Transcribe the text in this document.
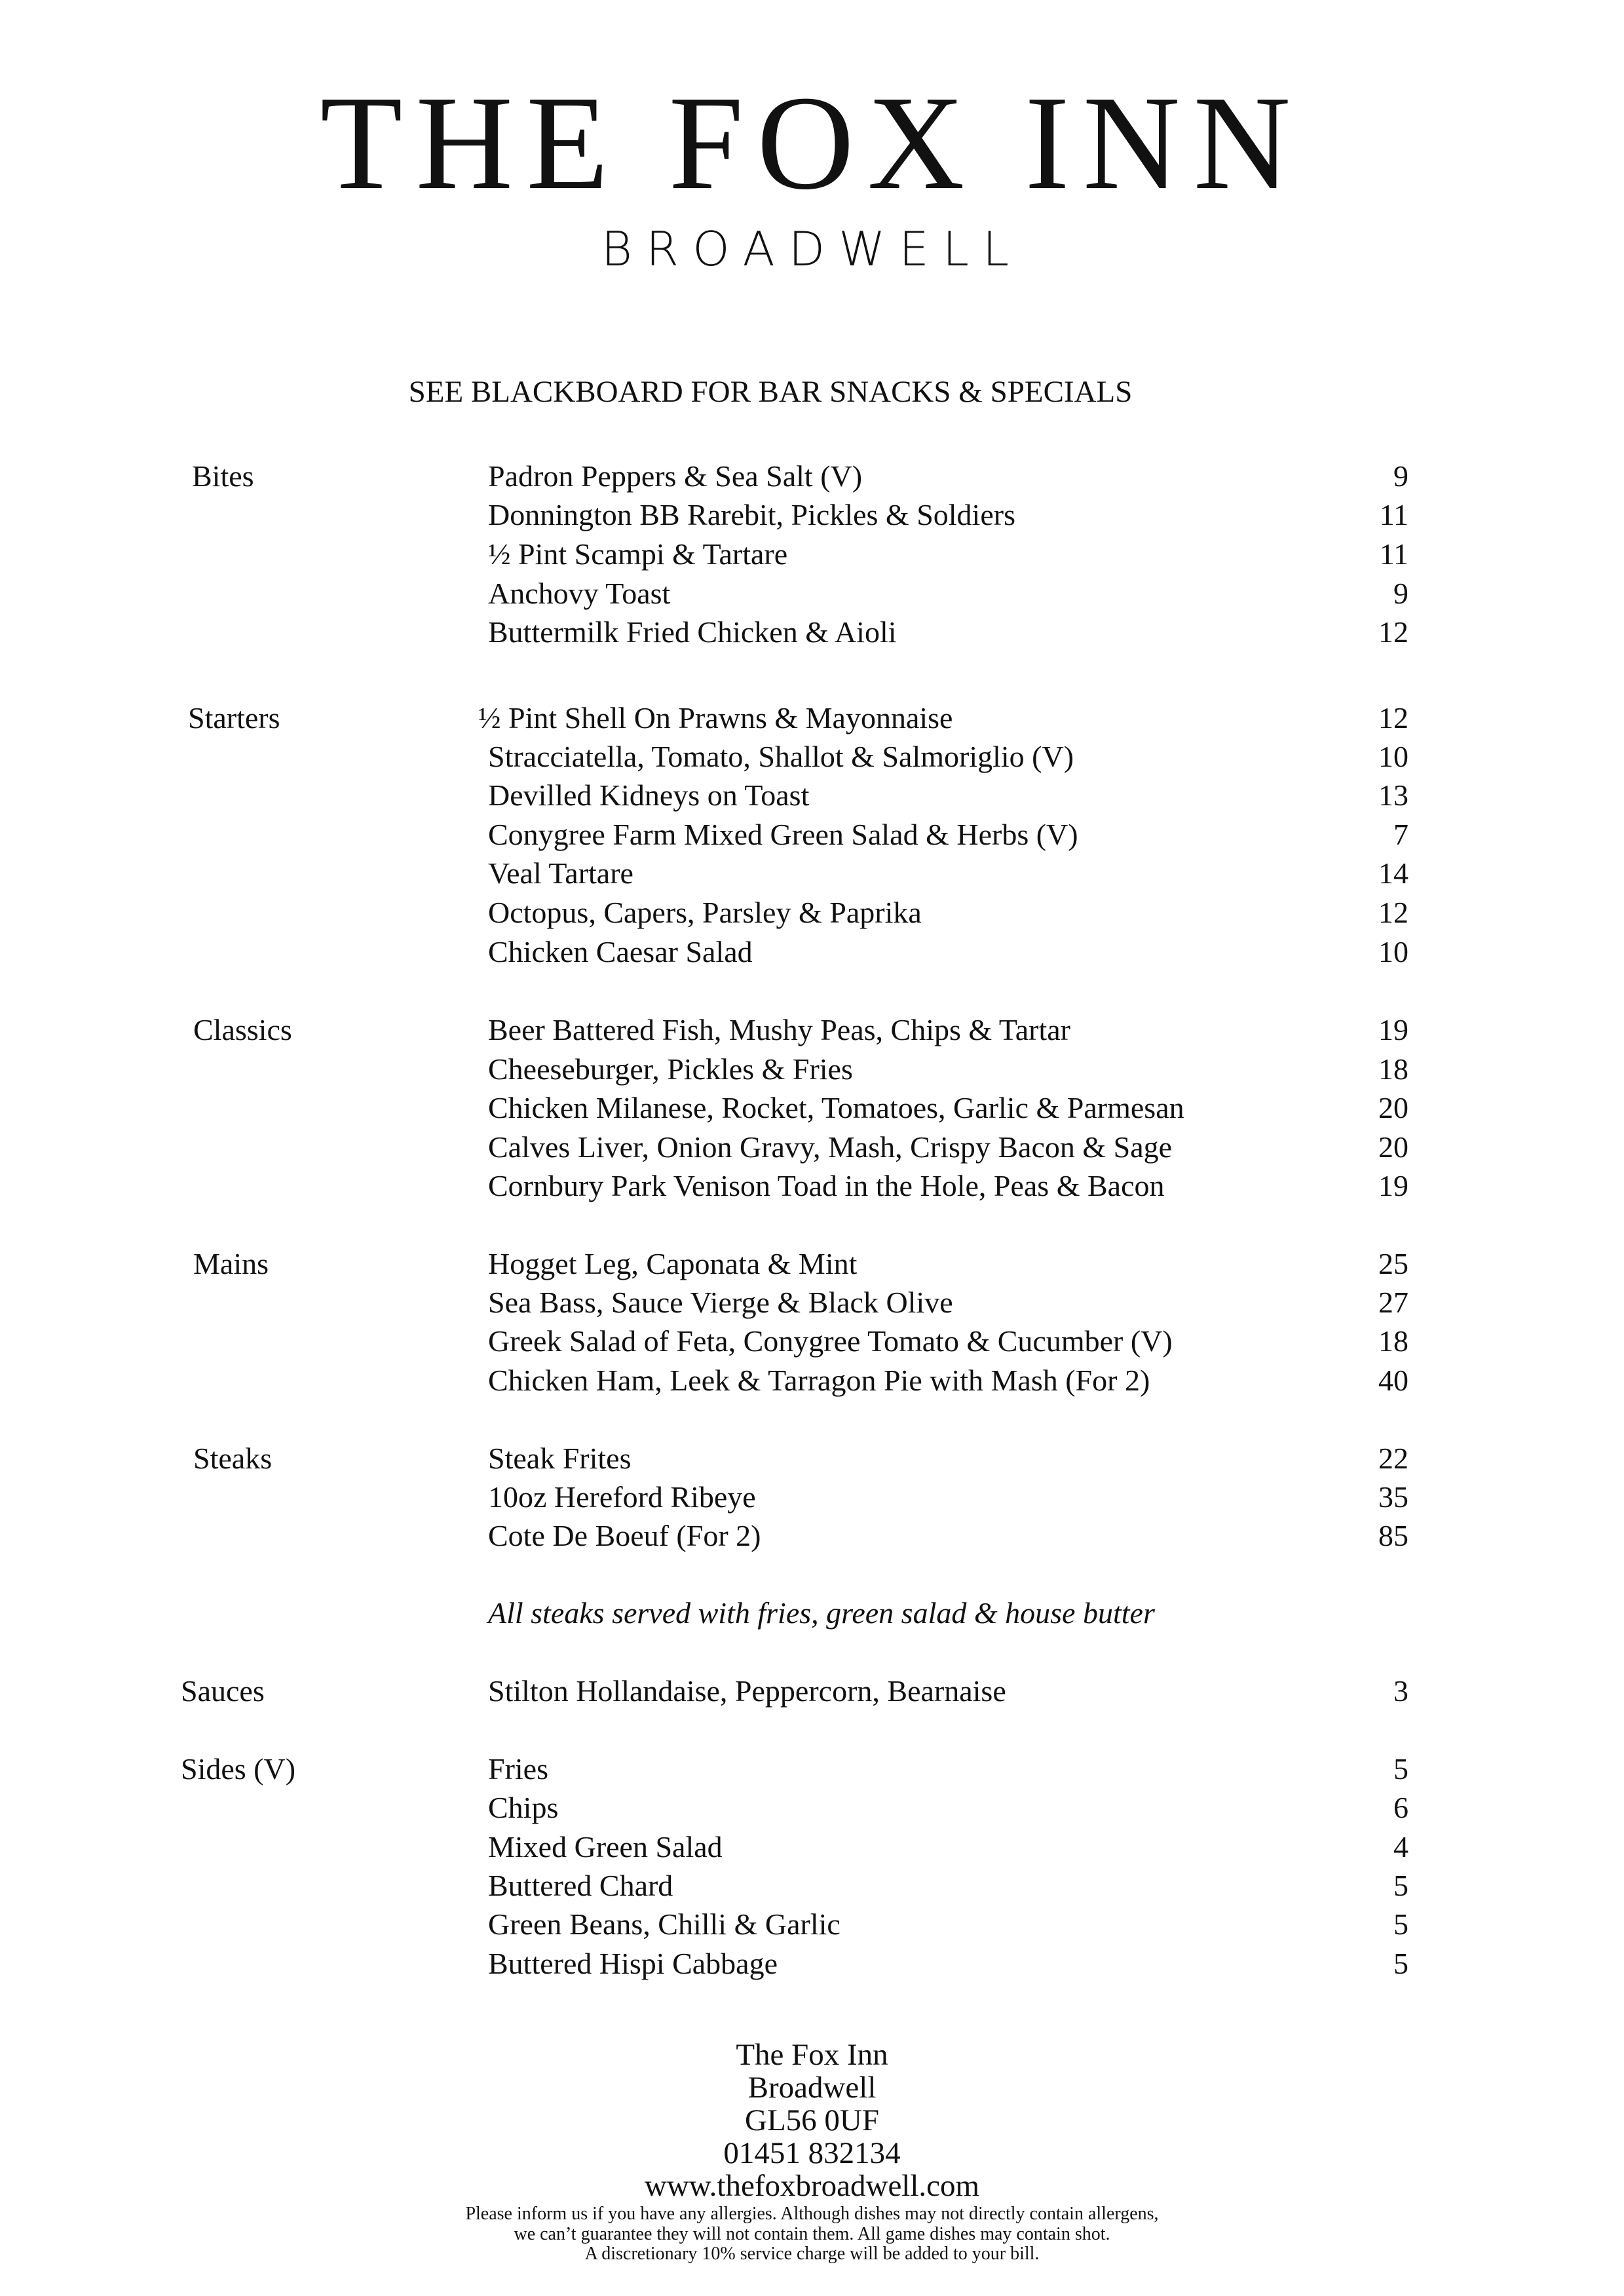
THE FOX INN
BROADWELL
SEE BLACKBOARD FOR BAR SNACKS & SPECIALS
Bites	Padron Peppers & Sea Salt (V)	9
Donnington BB Rarebit, Pickles & Soldiers	11
½ Pint Scampi & Tartare	11
Anchovy Toast	9
Buttermilk Fried Chicken & Aioli	12
Starters	½ Pint Shell On Prawns & Mayonnaise	12
Stracciatella, Tomato, Shallot & Salmoriglio (V)	10
Devilled Kidneys on Toast	13
Conygree Farm Mixed Green Salad & Herbs (V)	7
Veal Tartare	14
Octopus, Capers, Parsley & Paprika	12
Chicken Caesar Salad	10
Classics	Beer Battered Fish, Mushy Peas, Chips & Tartar	19
Cheeseburger, Pickles & Fries	18
Chicken Milanese, Rocket, Tomatoes, Garlic & Parmesan	20
Calves Liver, Onion Gravy, Mash, Crispy Bacon & Sage	20
Cornbury Park Venison Toad in the Hole, Peas & Bacon	19
Mains	Hogget Leg, Caponata & Mint	25
Sea Bass, Sauce Vierge & Black Olive	27
Greek Salad of Feta, Conygree Tomato & Cucumber (V)	18
Chicken Ham, Leek & Tarragon Pie with Mash (For 2)	40
Steaks	Steak Frites	22
10oz Hereford Ribeye	35
Cote De Boeuf (For 2)	85
All steaks served with fries, green salad & house butter
Sauces	Stilton Hollandaise, Peppercorn, Bearnaise	3
Sides (V)	Fries	5
Chips	6
Mixed Green Salad	4
Buttered Chard	5
Green Beans, Chilli & Garlic	5
Buttered Hispi Cabbage	5
The Fox Inn
Broadwell
GL56 0UF
01451 832134
www.thefoxbroadwell.com
Please inform us if you have any allergies. Although dishes may not directly contain allergens,
we can’t guarantee they will not contain them. All game dishes may contain shot.
A discretionary 10% service charge will be added to your bill.
